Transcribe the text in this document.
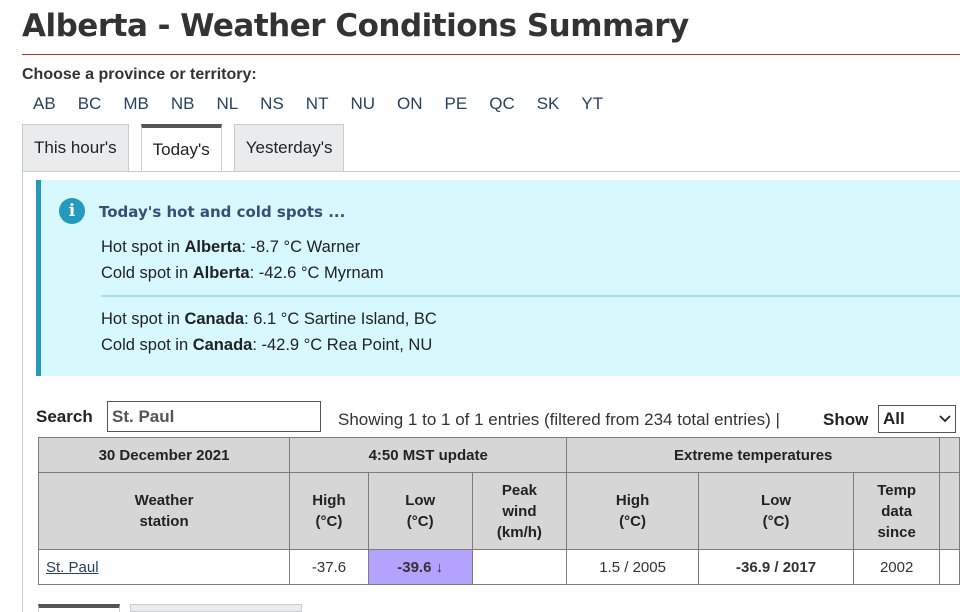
Alberta - Weather Conditions Summary
Choose a province or territory:
AB	BC	MB	NB	NL	NS	NT	NU	ON	PE	QC	SK	YT
This hour's	Today's	Yesterday's
i	Today's hot and cold spots ...
Hot spot in Alberta: -8.7 °C Warner
Cold spot in Alberta: -42.6 °C Myrnam
Hot spot in Canada: 6.1 °C Sartine Island, BC
Cold spot in Canada: -42.9 °C Rea Point, NU
Search
St. Paul	Showing 1 to 1 of 1 entries (filtered from 234 total entries) |	Show All
30 December 2021	4:50 MST update			Extreme temperatures			

Weather station	High (°C)	Low (°C)	Peak wind (km/h)	High (°C)	Low (°C)	Temp data since	

St. Paul	-37.6	-39.6 ↓		1.5 / 2005	-36.9 / 2017	2002	
